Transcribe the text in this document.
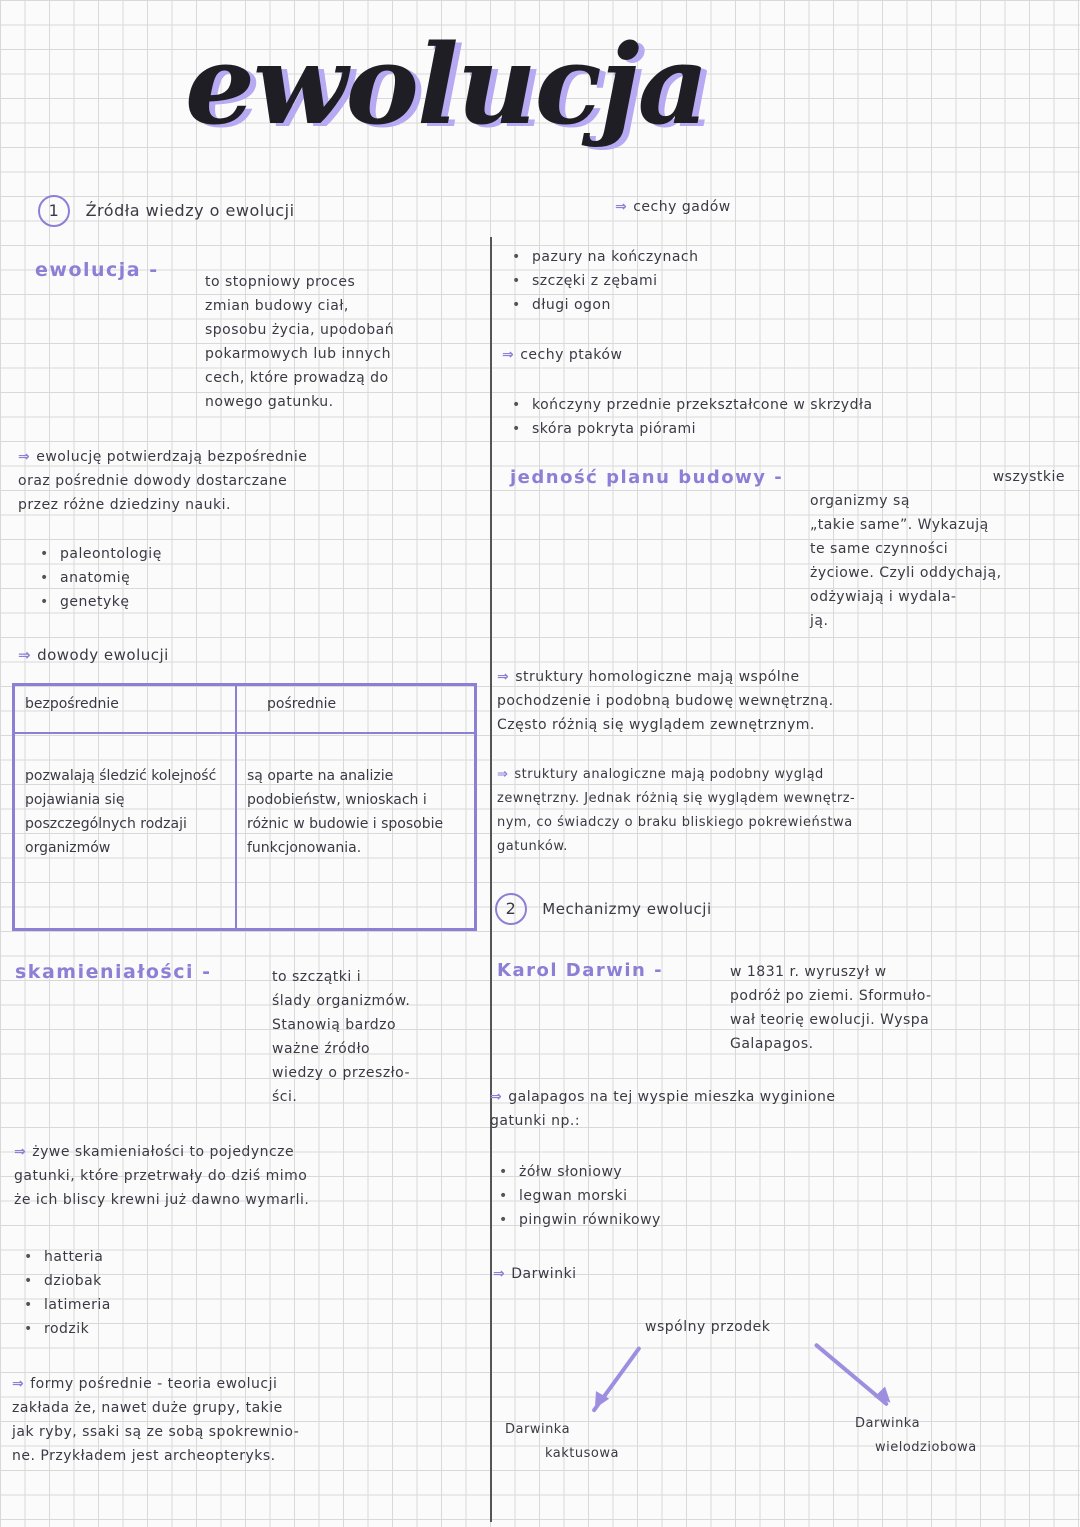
ewolucja
1 Źródła wiedzy o ewolucji
ewolucja -
to stopniowy proces
zmian budowy ciał,
sposobu życia, upodobań
pokarmowych lub innych
cech, które prowadzą do
nowego gatunku.
⇒ ewolucję potwierdzają bezpośrednie
oraz pośrednie dowody dostarczane
przez różne dziedziny nauki.
• paleontologię
• anatomię
• genetykę
⇒ dowody ewolucji
bezpośrednie	pośrednie
pozwalają śledzić kolejność pojawiania się poszczególnych rodzaji organizmów	są oparte na analizie podobieństw, wnioskach i różnic w budowie i sposobie funkcjonowania.
skamieniałości -	to szczątki i
ślady organizmów.
Stanowią bardzo
ważne źródło
wiedzy o przeszło-
ści.
⇒ żywe skamieniałości to pojedyncze
gatunki, które przetrwały do dziś mimo
że ich bliscy krewni już dawno wymarli.
• hatteria
• dziobak
• latimeria
• rodzik
⇒ formy pośrednie - teoria ewolucji
zakłada że, nawet duże grupy, takie
jak ryby, ssaki są ze sobą spokrewnio-
ne. Przykładem jest archeopteryks.
⇒ cechy gadów
• pazury na kończynach
• szczęki z zębami
• długi ogon
⇒ cechy ptaków
• kończyny przednie przekształcone w skrzydła
• skóra pokryta piórami
jedność planu budowy -	wszystkie
organizmy są
„takie same”. Wykazują
te same czynności
życiowe. Czyli oddychają, odżywiają i wydala-
ją.
⇒ struktury homologiczne mają wspólne
pochodzenie i podobną budowę wewnętrzną.
Często różnią się wyglądem zewnętrznym.
⇒ struktury analogiczne mają podobny wygląd
zewnętrzny. Jednak różnią się wyglądem wewnętrz-
nym, co świadczy o braku bliskiego pokrewieństwa
gatunków.
2 Mechanizmy ewolucji
Karol Darwin -	w 1831 r. wyruszył w
podróż po ziemi. Sformuło-
wał teorię ewolucji. Wyspa
Galapagos.
⇒ galapagos na tej wyspie mieszka wyginione
gatunki np.:
• żółw słoniowy
• legwan morski
• pingwin równikowy
⇒ Darwinki
wspólny przodek
▼	▼
Darwinka
kaktusowa
Darwinka
wielodziobowa
